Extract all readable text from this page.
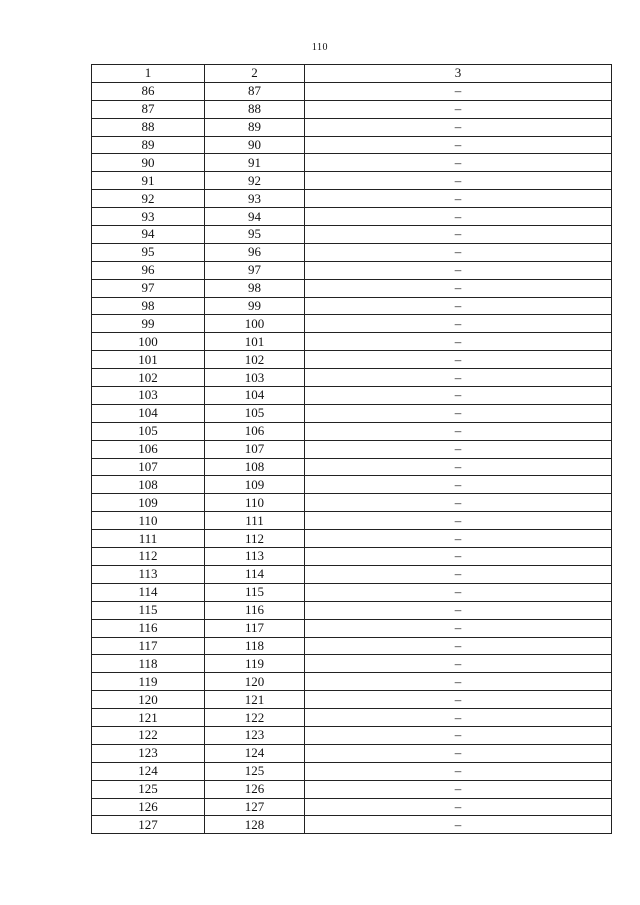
110
1	2	3
86	87	–
87	88	–
88	89	–
89	90	–
90	91	–
91	92	–
92	93	–
93	94	–
94	95	–
95	96	–
96	97	–
97	98	–
98	99	–
99	100	–
100	101	–
101	102	–
102	103	–
103	104	–
104	105	–
105	106	–
106	107	–
107	108	–
108	109	–
109	110	–
110	111	–
111	112	–
112	113	–
113	114	–
114	115	–
115	116	–
116	117	–
117	118	–
118	119	–
119	120	–
120	121	–
121	122	–
122	123	–
123	124	–
124	125	–
125	126	–
126	127	–
127	128	–
